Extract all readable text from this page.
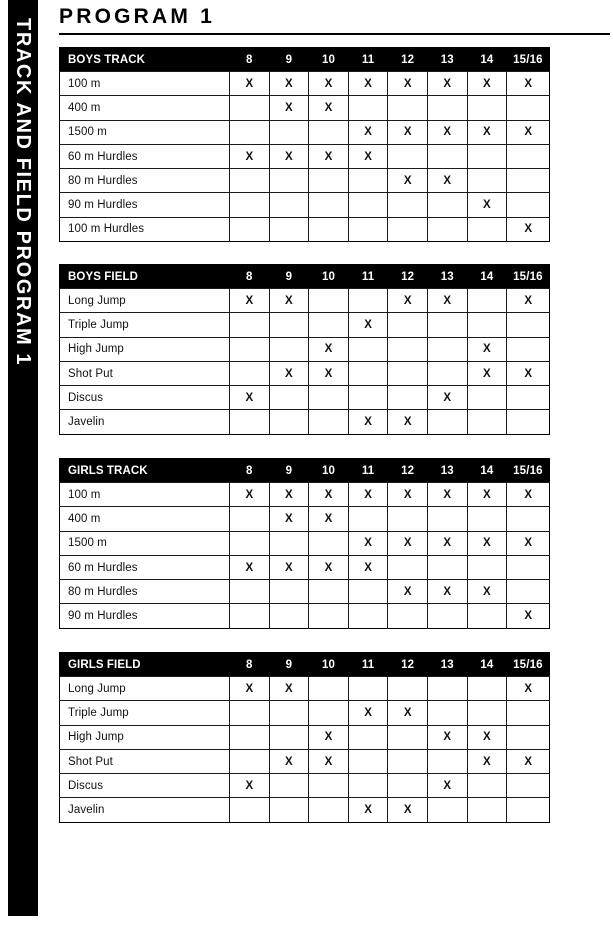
TRACK AND FIELD PROGRAM 1
PROGRAM 1
BOYS TRACK	8	9	10	11	12	13	14	15/16
100 m	X	X	X	X	X	X	X	X
400 m		X	X					
1500 m				X	X	X	X	X
60 m Hurdles	X	X	X	X				
80 m Hurdles					X	X		
90 m Hurdles							X	
100 m Hurdles								X
BOYS FIELD	8	9	10	11	12	13	14	15/16
Long Jump	X	X			X	X		X
Triple Jump				X				
High Jump			X				X	
Shot Put		X	X				X	X
Discus	X					X		
Javelin				X	X			
GIRLS TRACK	8	9	10	11	12	13	14	15/16
100 m	X	X	X	X	X	X	X	X
400 m		X	X					
1500 m				X	X	X	X	X
60 m Hurdles	X	X	X	X				
80 m Hurdles					X	X	X	
90 m Hurdles								X
GIRLS FIELD	8	9	10	11	12	13	14	15/16
Long Jump	X	X						X
Triple Jump				X	X			
High Jump			X			X	X	
Shot Put		X	X				X	X
Discus	X					X		
Javelin				X	X			
